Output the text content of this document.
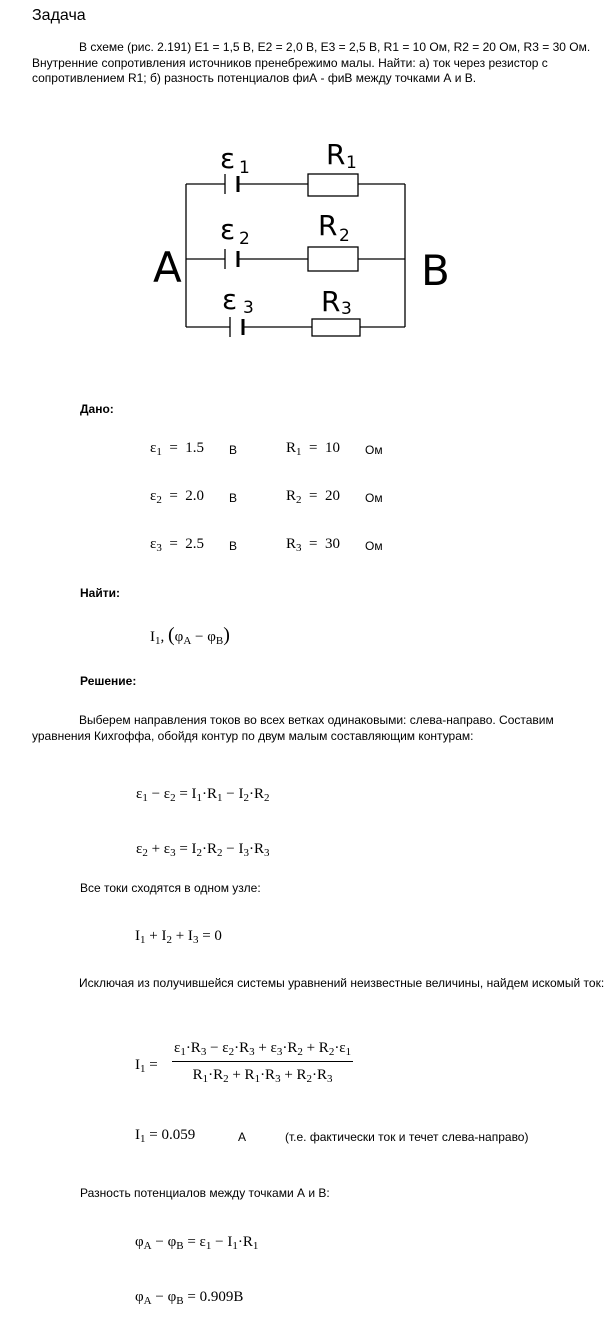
Задача
В схеме (рис. 2.191) E1 = 1,5 В, E2 = 2,0 В, E3 = 2,5 В, R1 = 10 Ом, R2 = 20 Ом, R3 = 30 Ом. Внутренние сопротивления источников пренебрежимо малы. Найти: а) ток через резистор с сопротивлением R1; б) разность потенциалов фиА - фиВ между точками А и В.
ε 1	R 1
ε 2 R 2
ε 3 R 3
A	B
Дано:
$\varepsilon_1 = 1.5$ В	$R_1 = 10$ Ом
$\varepsilon_2 = 2.0$ В	$R_2 = 20$ Ом
$\varepsilon_3 = 2.5$ В	$R_3 = 30$ Ом
Найти:
$I_1$, $(\varphi_A - \varphi_B)$
Решение:
Выберем направления токов во всех ветках одинаковыми: слева-направо. Составим уравнения Кихгоффа, обойдя контур по двум малым составляющим контурам:
$\varepsilon_1 - \varepsilon_2 = I_1\cdot R_1 - I_2\cdot R_2$
$\varepsilon_2 + \varepsilon_3 = I_2\cdot R_2 - I_3\cdot R_3$
Все токи сходятся в одном узле:
$I_1 + I_2 + I_3 = 0$
Исключая из получившейся системы уравнений неизвестные величины, найдем искомый ток:
$I_1$ =
$\varepsilon_1\cdot R_3 - \varepsilon_2\cdot R_3 + \varepsilon_3\cdot R_2 + R_2\cdot\varepsilon_1$
$R_1\cdot R_2 + R_1\cdot R_3 + R_2\cdot R_3$
$I_1 = 0.059$	A	(т.е. фактически ток и течет слева-направо)
Разность потенциалов между точками А и В:
$\varphi_A - \varphi_B = \varepsilon_1 - I_1\cdot R_1$
$\varphi_A - \varphi_B = 0.909В$
